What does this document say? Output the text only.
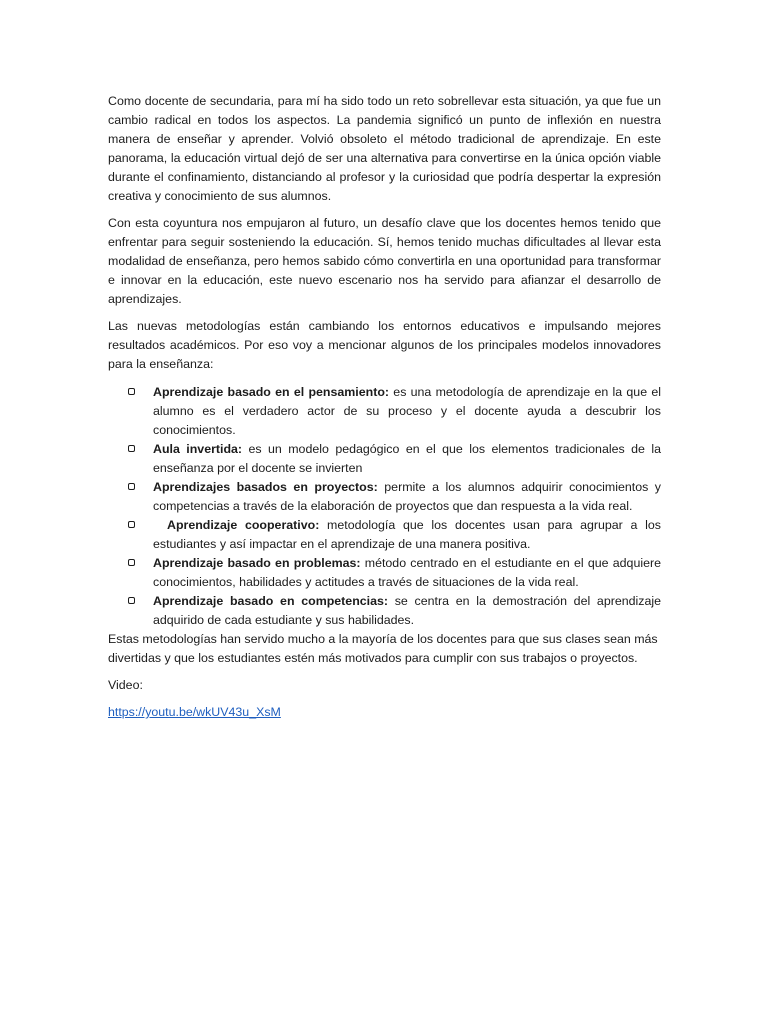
Como docente de secundaria, para mí ha sido todo un reto sobrellevar esta situación, ya que fue un cambio radical en todos los aspectos. La pandemia significó un punto de inflexión en nuestra manera de enseñar y aprender. Volvió obsoleto el método tradicional de aprendizaje. En este panorama, la educación virtual dejó de ser una alternativa para convertirse en la única opción viable durante el confinamiento, distanciando al profesor y la curiosidad que podría despertar la expresión creativa y conocimiento de sus alumnos.

Con esta coyuntura nos empujaron al futuro, un desafío clave que los docentes hemos tenido que enfrentar para seguir sosteniendo la educación. Sí, hemos tenido muchas dificultades al llevar esta modalidad de enseñanza, pero hemos sabido cómo convertirla en una oportunidad para transformar e innovar en la educación, este nuevo escenario nos ha servido para afianzar el desarrollo de aprendizajes.

Las nuevas metodologías están cambiando los entornos educativos e impulsando mejores resultados académicos. Por eso voy a mencionar algunos de los principales modelos innovadores para la enseñanza:

Aprendizaje basado en el pensamiento: es una metodología de aprendizaje en la que el alumno es el verdadero actor de su proceso y el docente ayuda a descubrir los conocimientos.
Aula invertida: es un modelo pedagógico en el que los elementos tradicionales de la enseñanza por el docente se invierten
Aprendizajes basados en proyectos: permite a los alumnos adquirir conocimientos y competencias a través de la elaboración de proyectos que dan respuesta a la vida real.
Aprendizaje cooperativo: metodología que los docentes usan para agrupar a los estudiantes y así impactar en el aprendizaje de una manera positiva.
Aprendizaje basado en problemas: método centrado en el estudiante en el que adquiere conocimientos, habilidades y actitudes a través de situaciones de la vida real.
Aprendizaje basado en competencias: se centra en la demostración del aprendizaje adquirido de cada estudiante y sus habilidades.

Estas metodologías han servido mucho a la mayoría de los docentes para que sus clases sean más divertidas y que los estudiantes estén más motivados para cumplir con sus trabajos o proyectos.

Video:

https://youtu.be/wkUV43u_XsM
